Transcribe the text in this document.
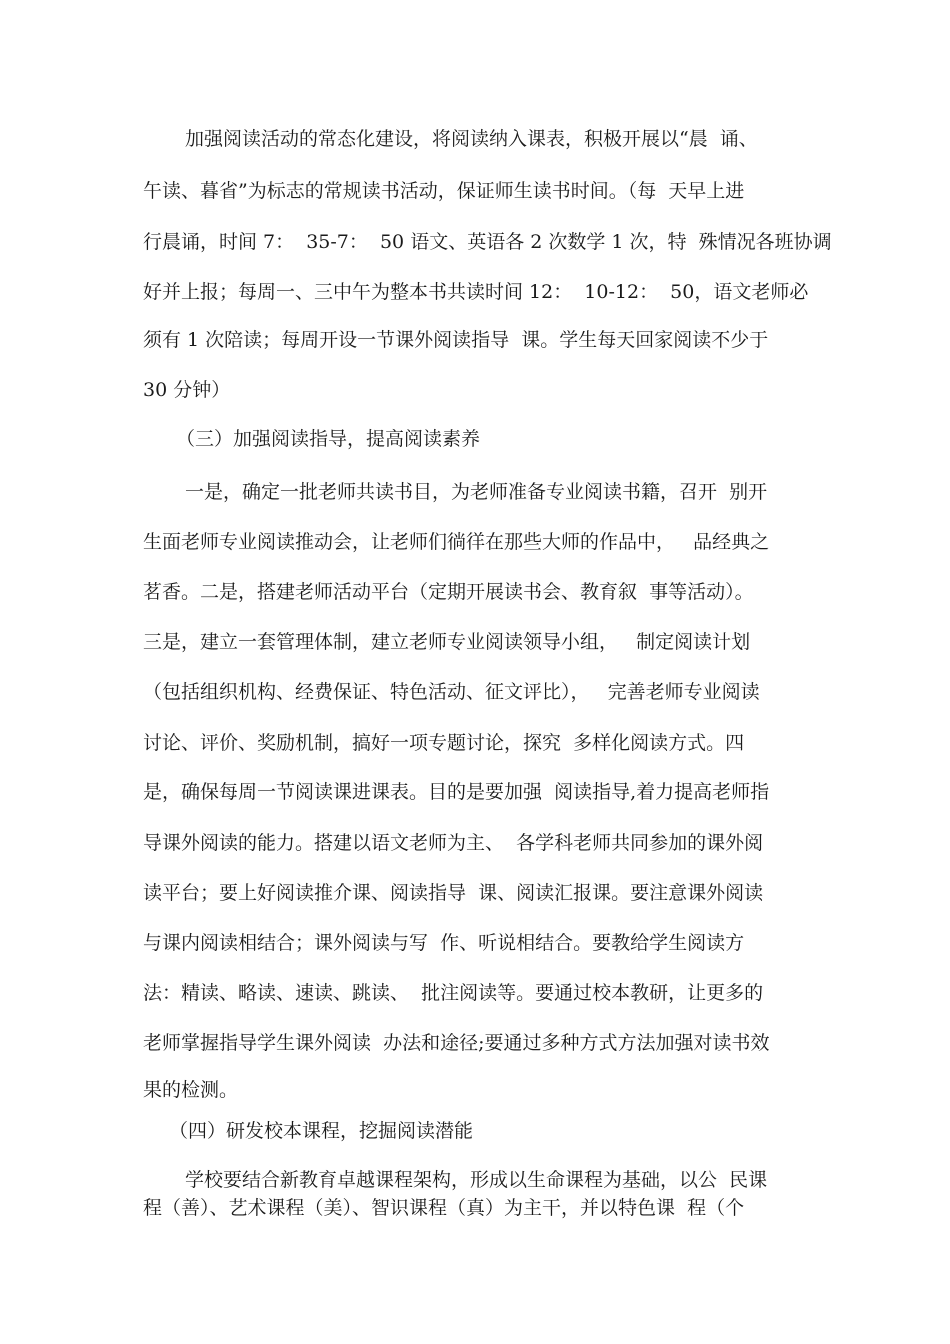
加强阅读活动的常态化建设，将阅读纳入课表，积极开展以“晨  诵、
午读、暮省”为标志的常规读书活动，保证师生读书时间。（每  天早上进
行晨诵，时间 7：  35-7：  50 语文、英语各 2 次数学 1 次，特  殊情况各班协调
好并上报；每周一、三中午为整本书共读时间 12：  10-12：  50，语文老师必
须有 1 次陪读；每周开设一节课外阅读指导  课。学生每天回家阅读不少于
30 分钟）
（三）加强阅读指导，提高阅读素养
一是，确定一批老师共读书目，为老师准备专业阅读书籍，召开  别开
生面老师专业阅读推动会，让老师们徜徉在那些大师的作品中，   品经典之
茗香。二是，搭建老师活动平台（定期开展读书会、教育叙  事等活动）。
三是，建立一套管理体制，建立老师专业阅读领导小组，   制定阅读计划
（包括组织机构、经费保证、特色活动、征文评比），   完善老师专业阅读
讨论、评价、奖励机制，搞好一项专题讨论，探究  多样化阅读方式。四
是，确保每周一节阅读课进课表。目的是要加强  阅读指导,着力提高老师指
导课外阅读的能力。搭建以语文老师为主、  各学科老师共同参加的课外阅
读平台；要上好阅读推介课、阅读指导  课、阅读汇报课。要注意课外阅读
与课内阅读相结合；课外阅读与写  作、听说相结合。要教给学生阅读方
法：精读、略读、速读、跳读、  批注阅读等。要通过校本教研，让更多的
老师掌握指导学生课外阅读  办法和途径;要通过多种方式方法加强对读书效
果的检测。
（四）研发校本课程，挖掘阅读潜能
学校要结合新教育卓越课程架构，形成以生命课程为基础，以公  民课
程（善）、艺术课程（美）、智识课程（真）为主干，并以特色课  程（个
